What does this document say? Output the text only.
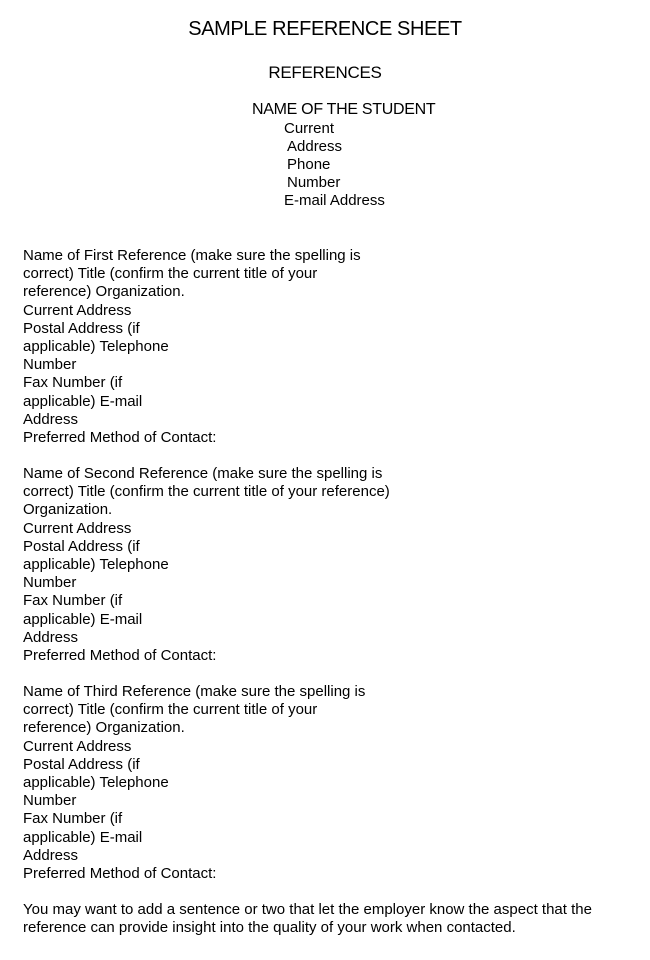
SAMPLE REFERENCE SHEET
REFERENCES
NAME OF THE STUDENT
Current
Address
Phone
Number
E-mail Address
Name of First Reference (make sure the spelling is
correct) Title (confirm the current title of your
reference) Organization.
Current Address
Postal Address (if
applicable) Telephone
Number
Fax Number (if
applicable) E-mail
Address
Preferred Method of Contact:
Name of Second Reference (make sure the spelling is
correct) Title (confirm the current title of your reference)
Organization.
Current Address
Postal Address (if
applicable) Telephone
Number
Fax Number (if
applicable) E-mail
Address
Preferred Method of Contact:
Name of Third Reference (make sure the spelling is
correct) Title (confirm the current title of your
reference) Organization.
Current Address
Postal Address (if
applicable) Telephone
Number
Fax Number (if
applicable) E-mail
Address
Preferred Method of Contact:
You may want to add a sentence or two that let the employer know the aspect that the
reference can provide insight into the quality of your work when contacted.
